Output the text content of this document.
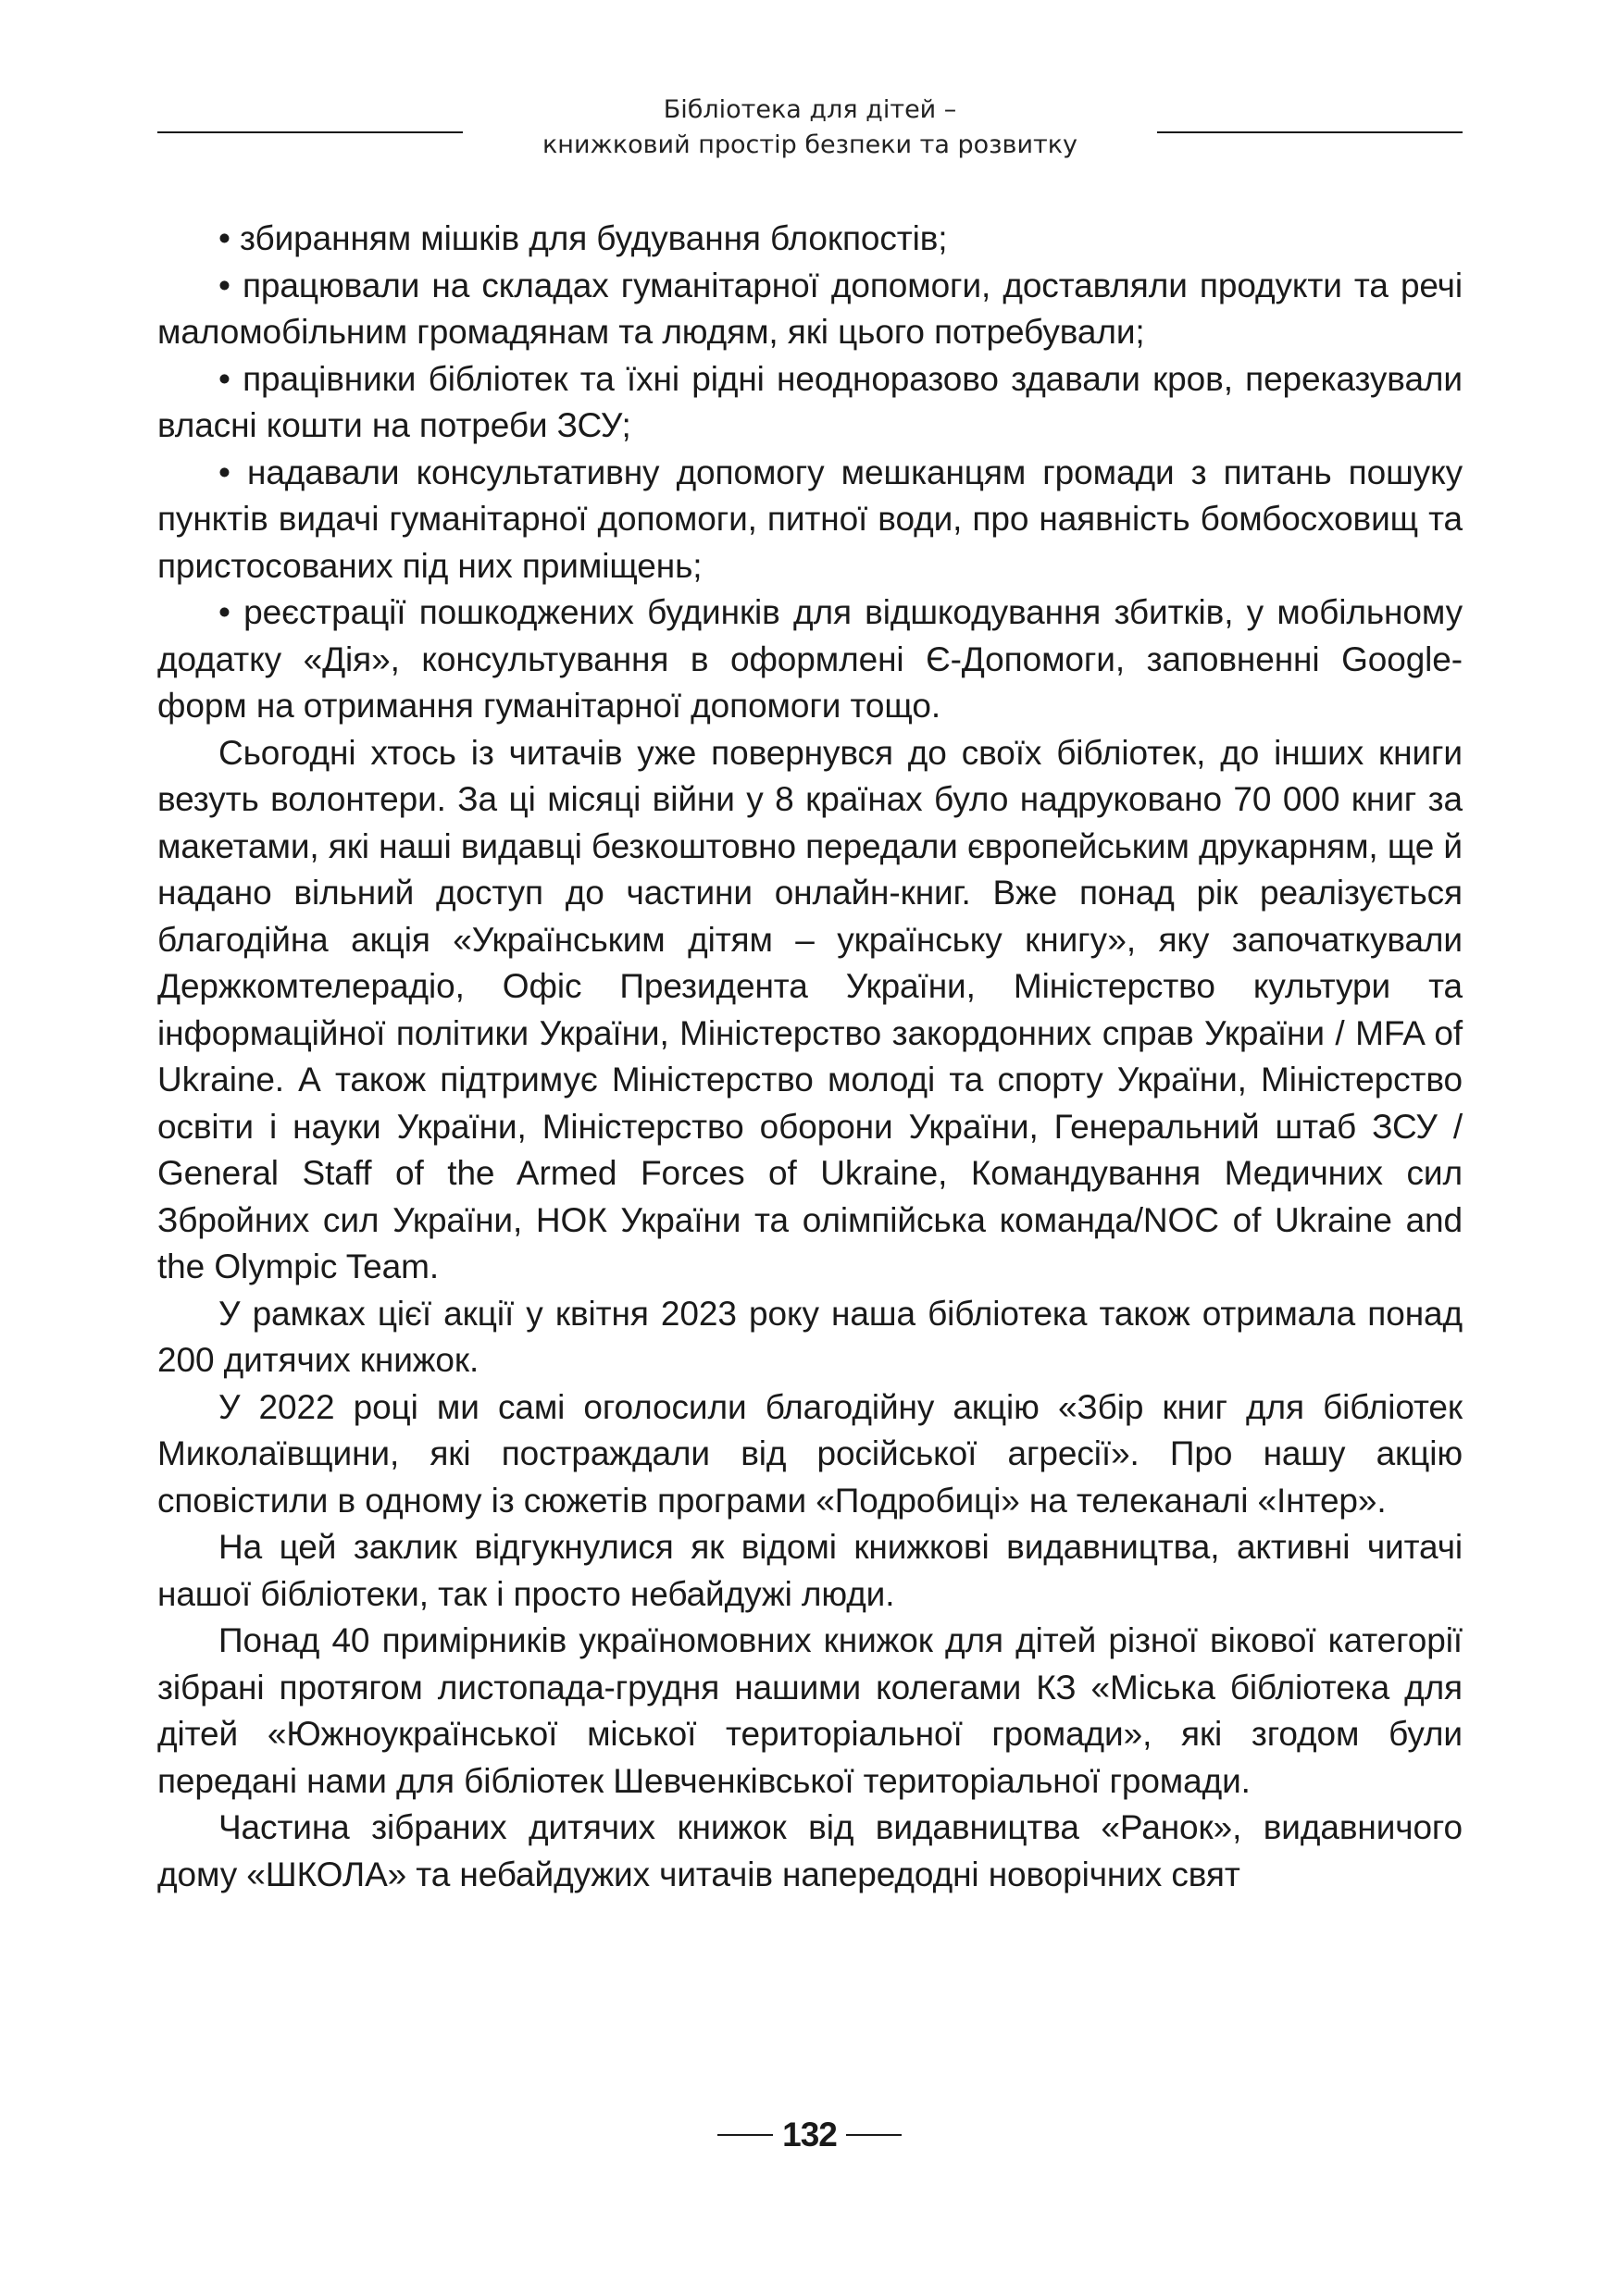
Бібліотека для дітей –
книжковий простір безпеки та розвитку

• збиранням мішків для будування блокпостів;

• працювали на складах гуманітарної допомоги, доставляли продукти та речі маломобільним громадянам та людям, які цього потребували;

• працівники бібліотек та їхні рідні неодноразово здавали кров, переказували власні кошти на потреби ЗСУ;

• надавали консультативну допомогу мешканцям громади з питань пошуку пунктів видачі гуманітарної допомоги, питної води, про наявність бомбосховищ та пристосованих під них приміщень;

• реєстрації пошкоджених будинків для відшкодування збитків, у мобільному додатку «Дія», консультування в оформлені Є-Допомоги, заповненні Google-форм на отримання гуманітарної допомоги тощо.

Сьогодні хтось із читачів уже повернувся до своїх бібліотек, до інших книги везуть волонтери. За ці місяці війни у 8 країнах було надруковано 70 000 книг за макетами, які наші видавці безкоштовно передали європейським друкарням, ще й надано вільний доступ до частини онлайн-книг. Вже понад рік реалізується благодійна акція «Українським дітям – українську книгу», яку започаткували Держкомтелерадіо, Офіс Президента України, Міністерство культури та інформаційної політики України, Міністерство закордонних справ України / MFA of Ukraine. А також підтримує Міністерство молоді та спорту України, Міністерство освіти і науки України, Міністерство оборони України, Генеральний штаб ЗСУ / General Staff of the Armed Forces of Ukraine, Командування Медичних сил Збройних сил України, НОК України та олімпійська команда/NOC of Ukraine and the Olympic Team.

У рамках цієї акції у квітня 2023 року наша бібліотека також отримала понад 200 дитячих книжок.

У 2022 році ми самі оголосили благодійну акцію «Збір книг для бібліотек Миколаївщини, які постраждали від російської агресії». Про нашу акцію сповістили в одному із сюжетів програми «Подробиці» на телеканалі «Інтер».

На цей заклик відгукнулися як відомі книжкові видавництва, активні читачі нашої бібліотеки, так і просто небайдужі люди.

Понад 40 примірників україномовних книжок для дітей різної вікової категорії зібрані протягом листопада-грудня нашими колегами КЗ «Міська бібліотека для дітей «Южноукраїнської міської територіальної громади», які згодом були передані нами для бібліотек Шевченківської територіальної громади.

Частина зібраних дитячих книжок від видавництва «Ранок», видавничого дому «ШКОЛА» та небайдужих читачів напередодні новорічних свят

132
